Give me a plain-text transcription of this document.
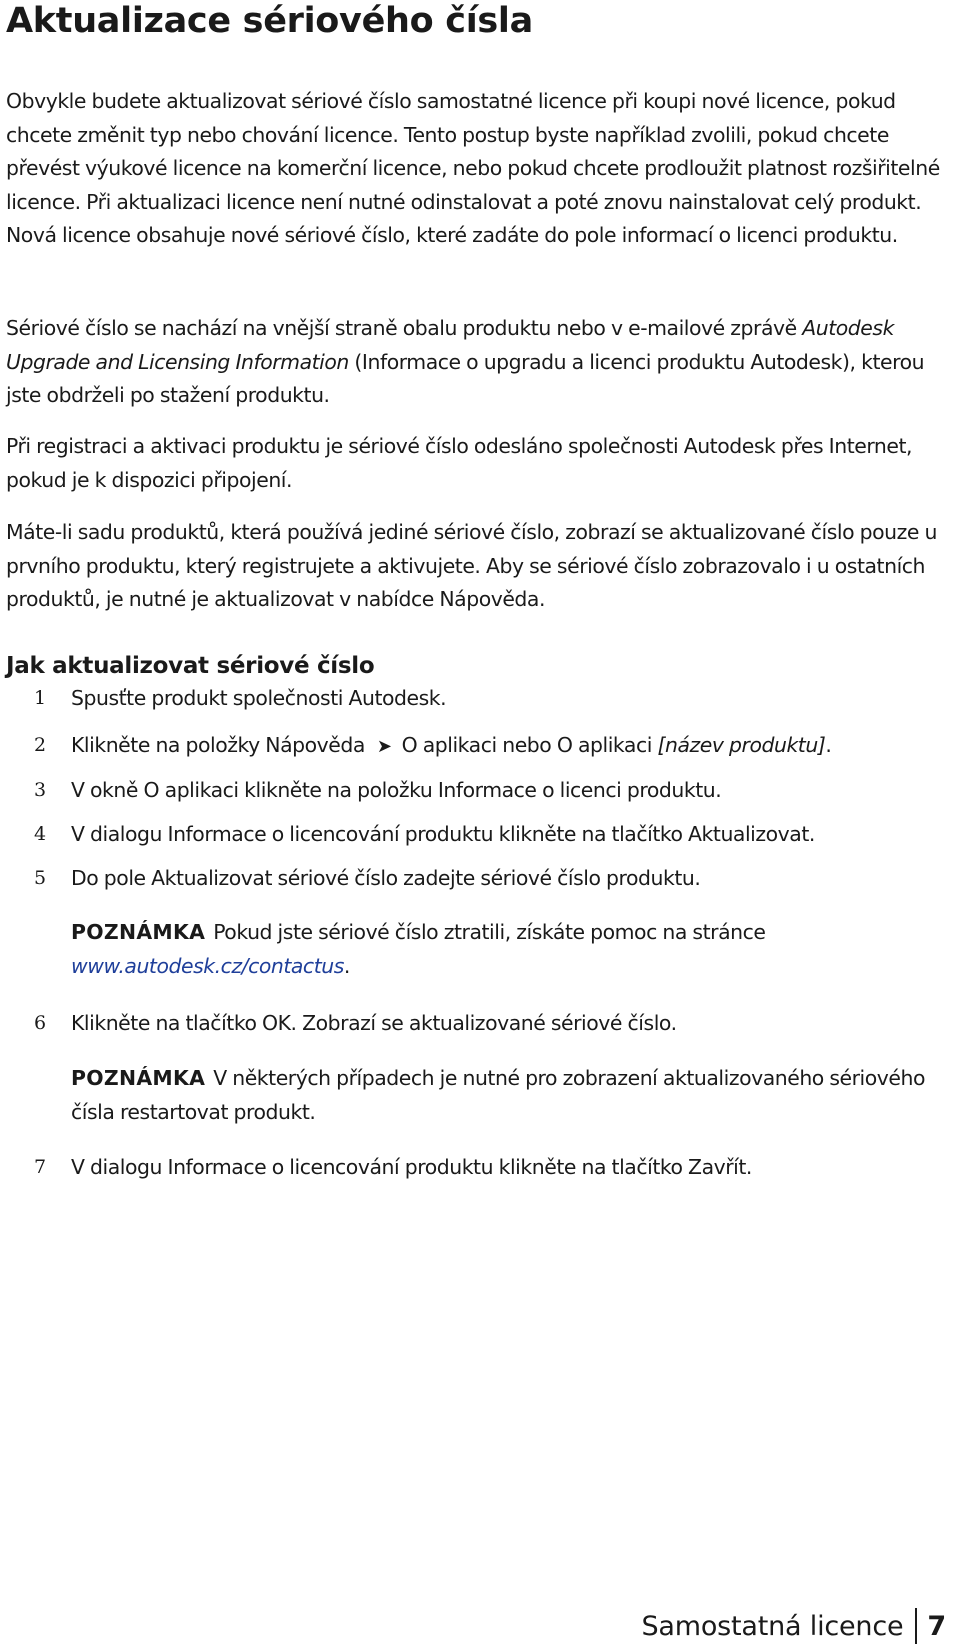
Aktualizace sériového čísla

Obvykle budete aktualizovat sériové číslo samostatné licence při koupi nové licence, pokud chcete změnit typ nebo chování licence. Tento postup byste například zvolili, pokud chcete převést výukové licence na komerční licence, nebo pokud chcete prodloužit platnost rozšiřitelné licence. Při aktualizaci licence není nutné odinstalovat a poté znovu nainstalovat celý produkt. Nová licence obsahuje nové sériové číslo, které zadáte do pole informací o licenci produktu.

Sériové číslo se nachází na vnější straně obalu produktu nebo v e-mailové zprávě Autodesk Upgrade and Licensing Information (Informace o upgradu a licenci produktu Autodesk), kterou jste obdrželi po stažení produktu.

Při registraci a aktivaci produktu je sériové číslo odesláno společnosti Autodesk přes Internet, pokud je k dispozici připojení.

Máte-li sadu produktů, která používá jediné sériové číslo, zobrazí se aktualizované číslo pouze u prvního produktu, který registrujete a aktivujete. Aby se sériové číslo zobrazovalo i u ostatních produktů, je nutné je aktualizovat v nabídce Nápověda.

Jak aktualizovat sériové číslo
1	Spusťte produkt společnosti Autodesk.
2	Klikněte na položky Nápověda ➤ O aplikaci nebo O aplikaci [název produktu].
3	V okně O aplikaci klikněte na položku Informace o licenci produktu.
4	V dialogu Informace o licencování produktu klikněte na tlačítko Aktualizovat.
5	Do pole Aktualizovat sériové číslo zadejte sériové číslo produktu.
POZNÁMKA Pokud jste sériové číslo ztratili, získáte pomoc na stránce
www.autodesk.cz/contactus.
6	Klikněte na tlačítko OK. Zobrazí se aktualizované sériové číslo.
POZNÁMKA V některých případech je nutné pro zobrazení aktualizovaného sériového čísla restartovat produkt.
7	V dialogu Informace o licencování produktu klikněte na tlačítko Zavřít.
Samostatná licence 7
